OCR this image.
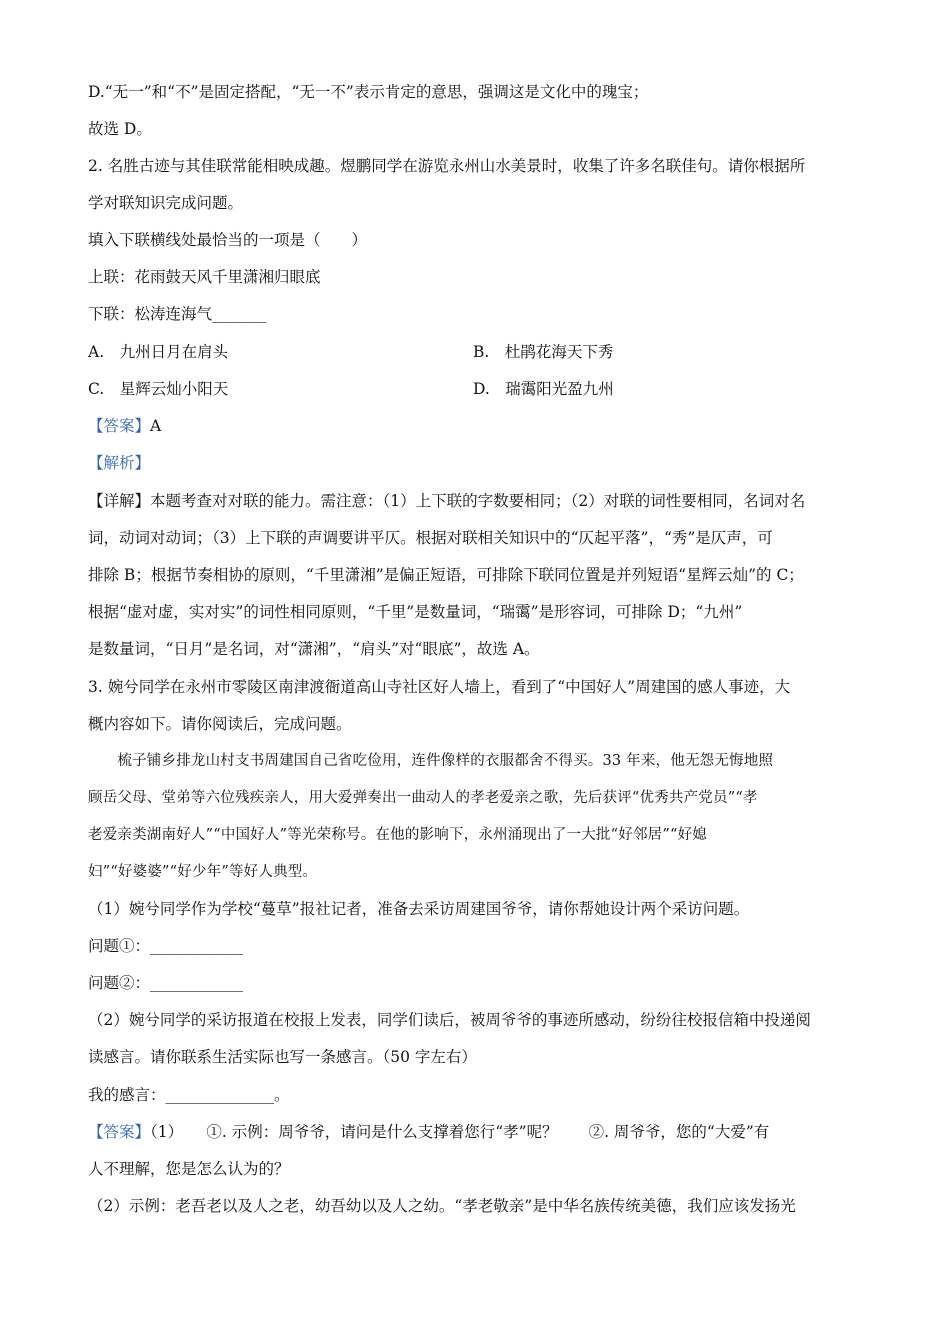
D.“无一”和“不”是固定搭配，“无一不”表示肯定的意思，强调这是文化中的瑰宝；
故选 D。
2. 名胜古迹与其佳联常能相映成趣。煜鹏同学在游览永州山水美景时，收集了许多名联佳句。请你根据所
学对联知识完成问题。
填入下联横线处最恰当的一项是（　　）
上联：花雨鼓天风千里潇湘归眼底
下联：松涛连海气_______
A.　九州日月在肩头	B.　杜鹃花海天下秀
C.　星辉云灿小阳天	D.　瑞霭阳光盈九州
【答案】A
【解析】
【详解】本题考查对对联的能力。需注意：（1）上下联的字数要相同；（2）对联的词性要相同，名词对名
词，动词对动词；（3）上下联的声调要讲平仄。根据对联相关知识中的“仄起平落”，“秀”是仄声，可
排除 B；根据节奏相协的原则，“千里潇湘”是偏正短语，可排除下联同位置是并列短语“星辉云灿”的 C；
根据“虚对虚，实对实”的词性相同原则，“千里”是数量词，“瑞霭”是形容词，可排除 D；“九州”
是数量词，“日月”是名词，对“潇湘”，“肩头”对“眼底”，故选 A。
3. 婉兮同学在永州市零陵区南津渡衙道高山寺社区好人墙上，看到了“中国好人”周建国的感人事迹，大
概内容如下。请你阅读后，完成问题。
　　梳子铺乡排龙山村支书周建国自己省吃俭用，连件像样的衣服都舍不得买。33 年来，他无怨无悔地照
顾岳父母、堂弟等六位残疾亲人，用大爱弹奏出一曲动人的孝老爱亲之歌，先后获评“优秀共产党员”“孝
老爱亲类湖南好人”“中国好人”等光荣称号。在他的影响下，永州涌现出了一大批“好邻居”“好媳
妇”“好婆婆”“好少年”等好人典型。
（1）婉兮同学作为学校“蔓草”报社记者，准备去采访周建国爷爷，请你帮她设计两个采访问题。
问题①：____________
问题②：____________
（2）婉兮同学的采访报道在校报上发表，同学们读后，被周爷爷的事迹所感动，纷纷往校报信箱中投递阅
读感言。请你联系生活实际也写一条感言。（50 字左右）
我的感言：______________。
【答案】（1）　　①. 示例：周爷爷，请问是什么支撑着您行“孝”呢？　　②. 周爷爷，您的“大爱”有
人不理解，您是怎么认为的？
（2）示例：老吾老以及人之老，幼吾幼以及人之幼。“孝老敬亲”是中华名族传统美德，我们应该发扬光
